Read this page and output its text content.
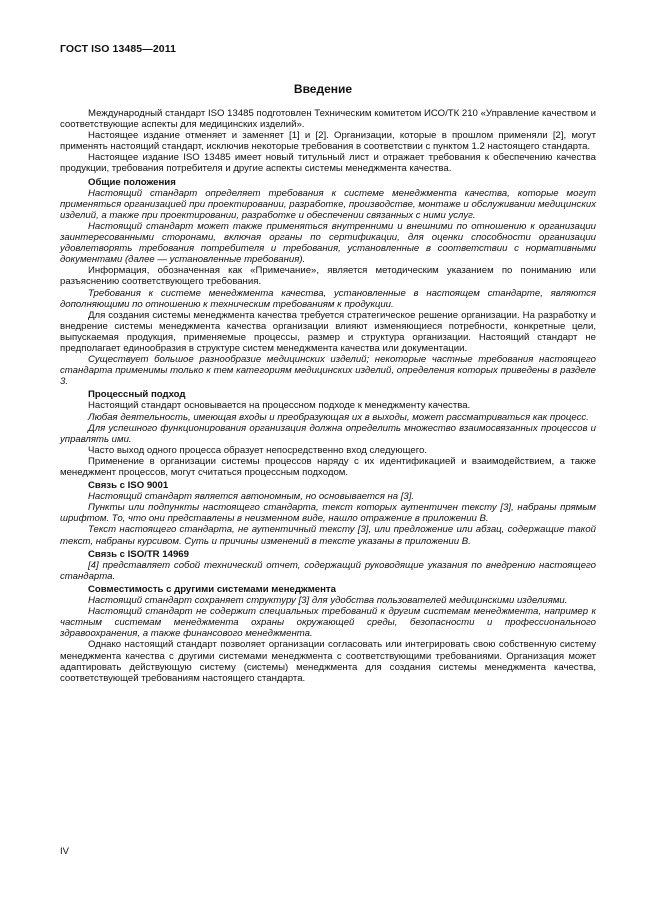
ГОСТ ISO 13485—2011
Введение

Международный стандарт ISO 13485 подготовлен Техническим комитетом ИСО/ТК 210 «Управление качеством и соответствующие аспекты для медицинских изделий».

Настоящее издание отменяет и заменяет [1] и [2]. Организации, которые в прошлом применяли [2], могут применять настоящий стандарт, исключив некоторые требования в соответствии с пунктом 1.2 настоящего стандарта.

Настоящее издание ISO 13485 имеет новый титульный лист и отражает требования к обеспечению качества продукции, требования потребителя и другие аспекты системы менеджмента качества.

Общие положения

Настоящий стандарт определяет требования к системе менеджмента качества, которые могут применяться организацией при проектировании, разработке, производстве, монтаже и обслуживании медицинских изделий, а также при проектировании, разработке и обеспечении связанных с ними услуг.

Настоящий стандарт может также применяться внутренними и внешними по отношению к организации заинтересованными сторонами, включая органы по сертификации, для оценки способности организации удовлетворять требования потребителя и требования, установленные в соответствии с нормативными документами (далее — установленные требования).

Информация, обозначенная как «Примечание», является методическим указанием по пониманию или разъяснению соответствующего требования.

Требования к системе менеджмента качества, установленные в настоящем стандарте, являются дополняющими по отношению к техническим требованиям к продукции.

Для создания системы менеджмента качества требуется стратегическое решение организации. На разработку и внедрение системы менеджмента качества организации влияют изменяющиеся потребности, конкретные цели, выпускаемая продукция, применяемые процессы, размер и структура организации. Настоящий стандарт не предполагает единообразия в структуре систем менеджмента качества или документации.

Существует большое разнообразие медицинских изделий; некоторые частные требования настоящего стандарта применимы только к тем категориям медицинских изделий, определения которых приведены в разделе 3.

Процессный подход

Настоящий стандарт основывается на процессном подходе к менеджменту качества.

Любая деятельность, имеющая входы и преобразующая их в выходы, может рассматриваться как процесс.

Для успешного функционирования организация должна определить множество взаимосвязанных процессов и управлять ими.

Часто выход одного процесса образует непосредственно вход следующего.

Применение в организации системы процессов наряду с их идентификацией и взаимодействием, а также менеджмент процессов, могут считаться процессным подходом.

Связь с ISO 9001

Настоящий стандарт является автономным, но основывается на [3].

Пункты или подпункты настоящего стандарта, текст которых аутентичен тексту [3], набраны прямым шрифтом. То, что они представлены в неизменном виде, нашло отражение в приложении В.

Текст настоящего стандарта, не аутентичный тексту [3], или предложение или абзац, содержащие такой текст, набраны курсивом. Суть и причины изменений в тексте указаны в приложении В.

Связь с ISO/TR 14969

[4] представляет собой технический отчет, содержащий руководящие указания по внедрению настоящего стандарта.

Совместимость с другими системами менеджмента

Настоящий стандарт сохраняет структуру [3] для удобства пользователей медицинскими изделиями.

Настоящий стандарт не содержит специальных требований к другим системам менеджмента, например к частным системам менеджмента охраны окружающей среды, безопасности и профессионального здравоохранения, а также финансового менеджмента.

Однако настоящий стандарт позволяет организации согласовать или интегрировать свою собственную систему менеджмента качества с другими системами менеджмента с соответствующими требованиями. Организация может адаптировать действующую систему (системы) менеджмента для создания системы менеджмента качества, соответствующей требованиям настоящего стандарта.

IV
